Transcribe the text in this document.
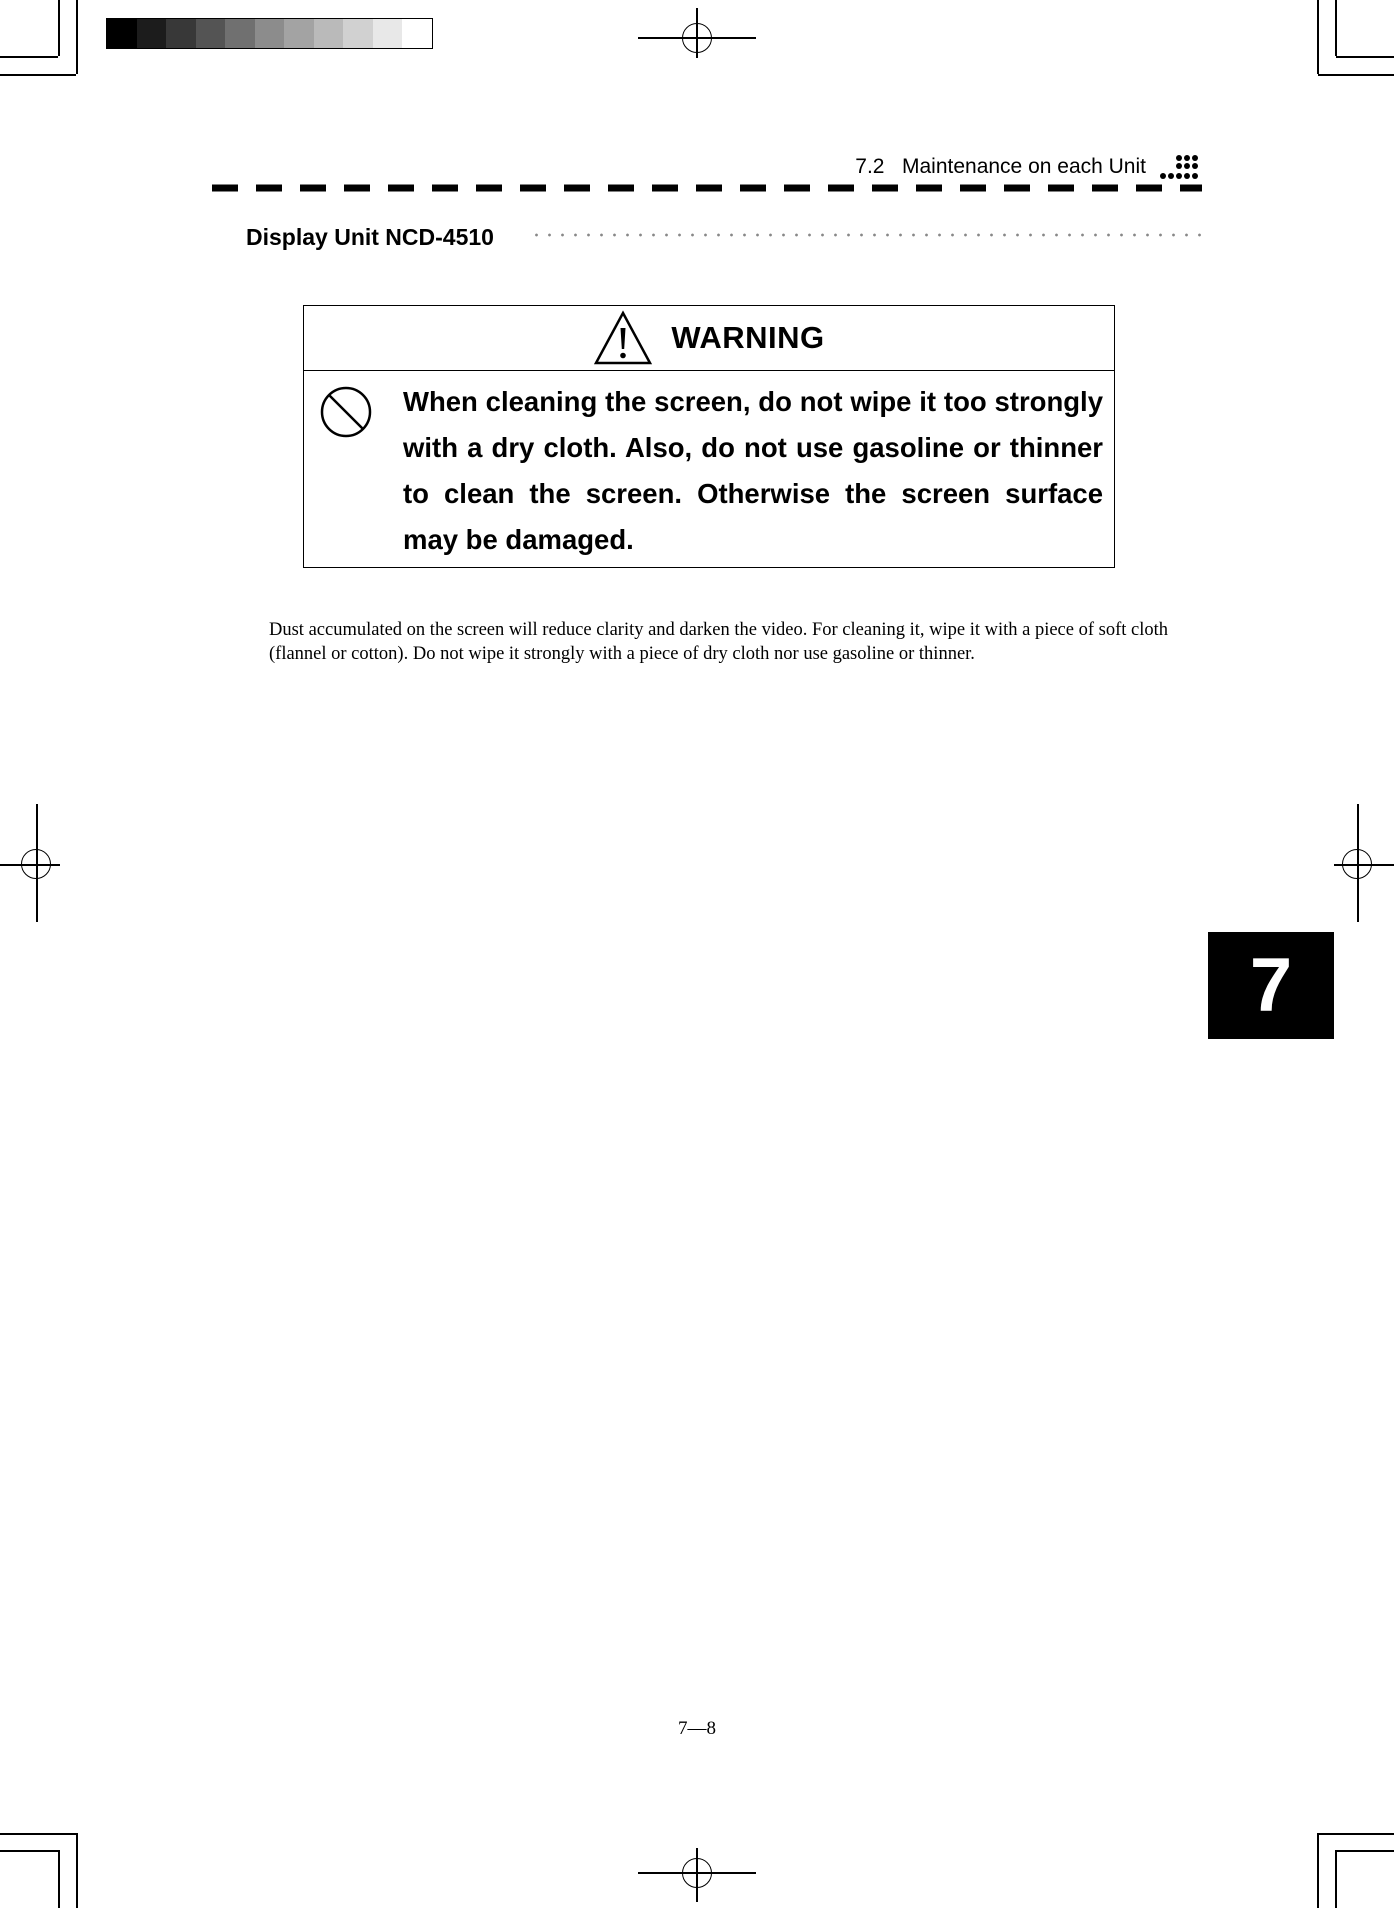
7.2   Maintenance on each Unit
Display Unit NCD-4510
WARNING

When cleaning the screen, do not wipe it too strongly with a dry cloth. Also, do not use gasoline or thinner to clean the screen. Otherwise the screen surface may be damaged.

Dust accumulated on the screen will reduce clarity and darken the video. For cleaning it, wipe it with a piece of soft cloth (flannel or cotton). Do not wipe it strongly with a piece of dry cloth nor use gasoline or thinner.

7
7—8
